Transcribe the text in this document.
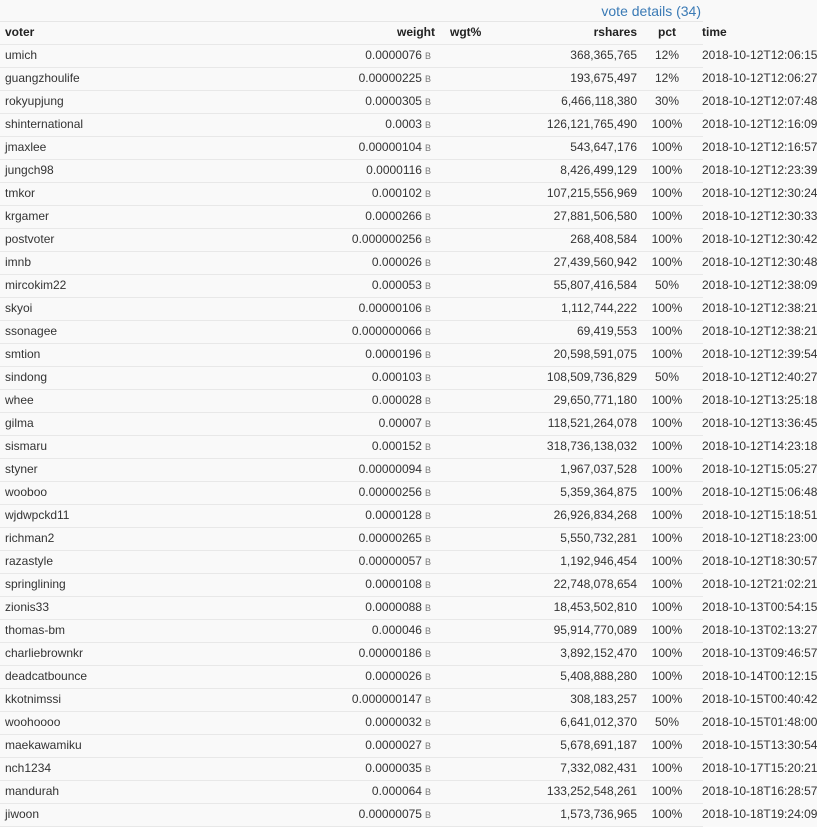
vote details (34)
voter	weight	wgt%	rshares	pct	time
umich	0.0000076 B		368,365,765	12%	2018-10-12T12:06:15
guangzhoulife	0.00000225 B		193,675,497	12%	2018-10-12T12:06:27
rokyupjung	0.0000305 B		6,466,118,380	30%	2018-10-12T12:07:48
shinternational	0.0003 B		126,121,765,490	100%	2018-10-12T12:16:09
jmaxlee	0.00000104 B		543,647,176	100%	2018-10-12T12:16:57
jungch98	0.0000116 B		8,426,499,129	100%	2018-10-12T12:23:39
tmkor	0.000102 B		107,215,556,969	100%	2018-10-12T12:30:24
krgamer	0.0000266 B		27,881,506,580	100%	2018-10-12T12:30:33
postvoter	0.000000256 B		268,408,584	100%	2018-10-12T12:30:42
imnb	0.000026 B		27,439,560,942	100%	2018-10-12T12:30:48
mircokim22	0.000053 B		55,807,416,584	50%	2018-10-12T12:38:09
skyoi	0.00000106 B		1,112,744,222	100%	2018-10-12T12:38:21
ssonagee	0.000000066 B		69,419,553	100%	2018-10-12T12:38:21
smtion	0.0000196 B		20,598,591,075	100%	2018-10-12T12:39:54
sindong	0.000103 B		108,509,736,829	50%	2018-10-12T12:40:27
whee	0.000028 B		29,650,771,180	100%	2018-10-12T13:25:18
gilma	0.00007 B		118,521,264,078	100%	2018-10-12T13:36:45
sismaru	0.000152 B		318,736,138,032	100%	2018-10-12T14:23:18
styner	0.00000094 B		1,967,037,528	100%	2018-10-12T15:05:27
wooboo	0.00000256 B		5,359,364,875	100%	2018-10-12T15:06:48
wjdwpckd11	0.0000128 B		26,926,834,268	100%	2018-10-12T15:18:51
richman2	0.00000265 B		5,550,732,281	100%	2018-10-12T18:23:00
razastyle	0.00000057 B		1,192,946,454	100%	2018-10-12T18:30:57
springlining	0.0000108 B		22,748,078,654	100%	2018-10-12T21:02:21
zionis33	0.0000088 B		18,453,502,810	100%	2018-10-13T00:54:15
thomas-bm	0.000046 B		95,914,770,089	100%	2018-10-13T02:13:27
charliebrownkr	0.00000186 B		3,892,152,470	100%	2018-10-13T09:46:57
deadcatbounce	0.0000026 B		5,408,888,280	100%	2018-10-14T00:12:15
kkotnimssi	0.000000147 B		308,183,257	100%	2018-10-15T00:40:42
woohoooo	0.0000032 B		6,641,012,370	50%	2018-10-15T01:48:00
maekawamiku	0.0000027 B		5,678,691,187	100%	2018-10-15T13:30:54
nch1234	0.0000035 B		7,332,082,431	100%	2018-10-17T15:20:21
mandurah	0.000064 B		133,252,548,261	100%	2018-10-18T16:28:57
jiwoon	0.00000075 B		1,573,736,965	100%	2018-10-18T19:24:09
